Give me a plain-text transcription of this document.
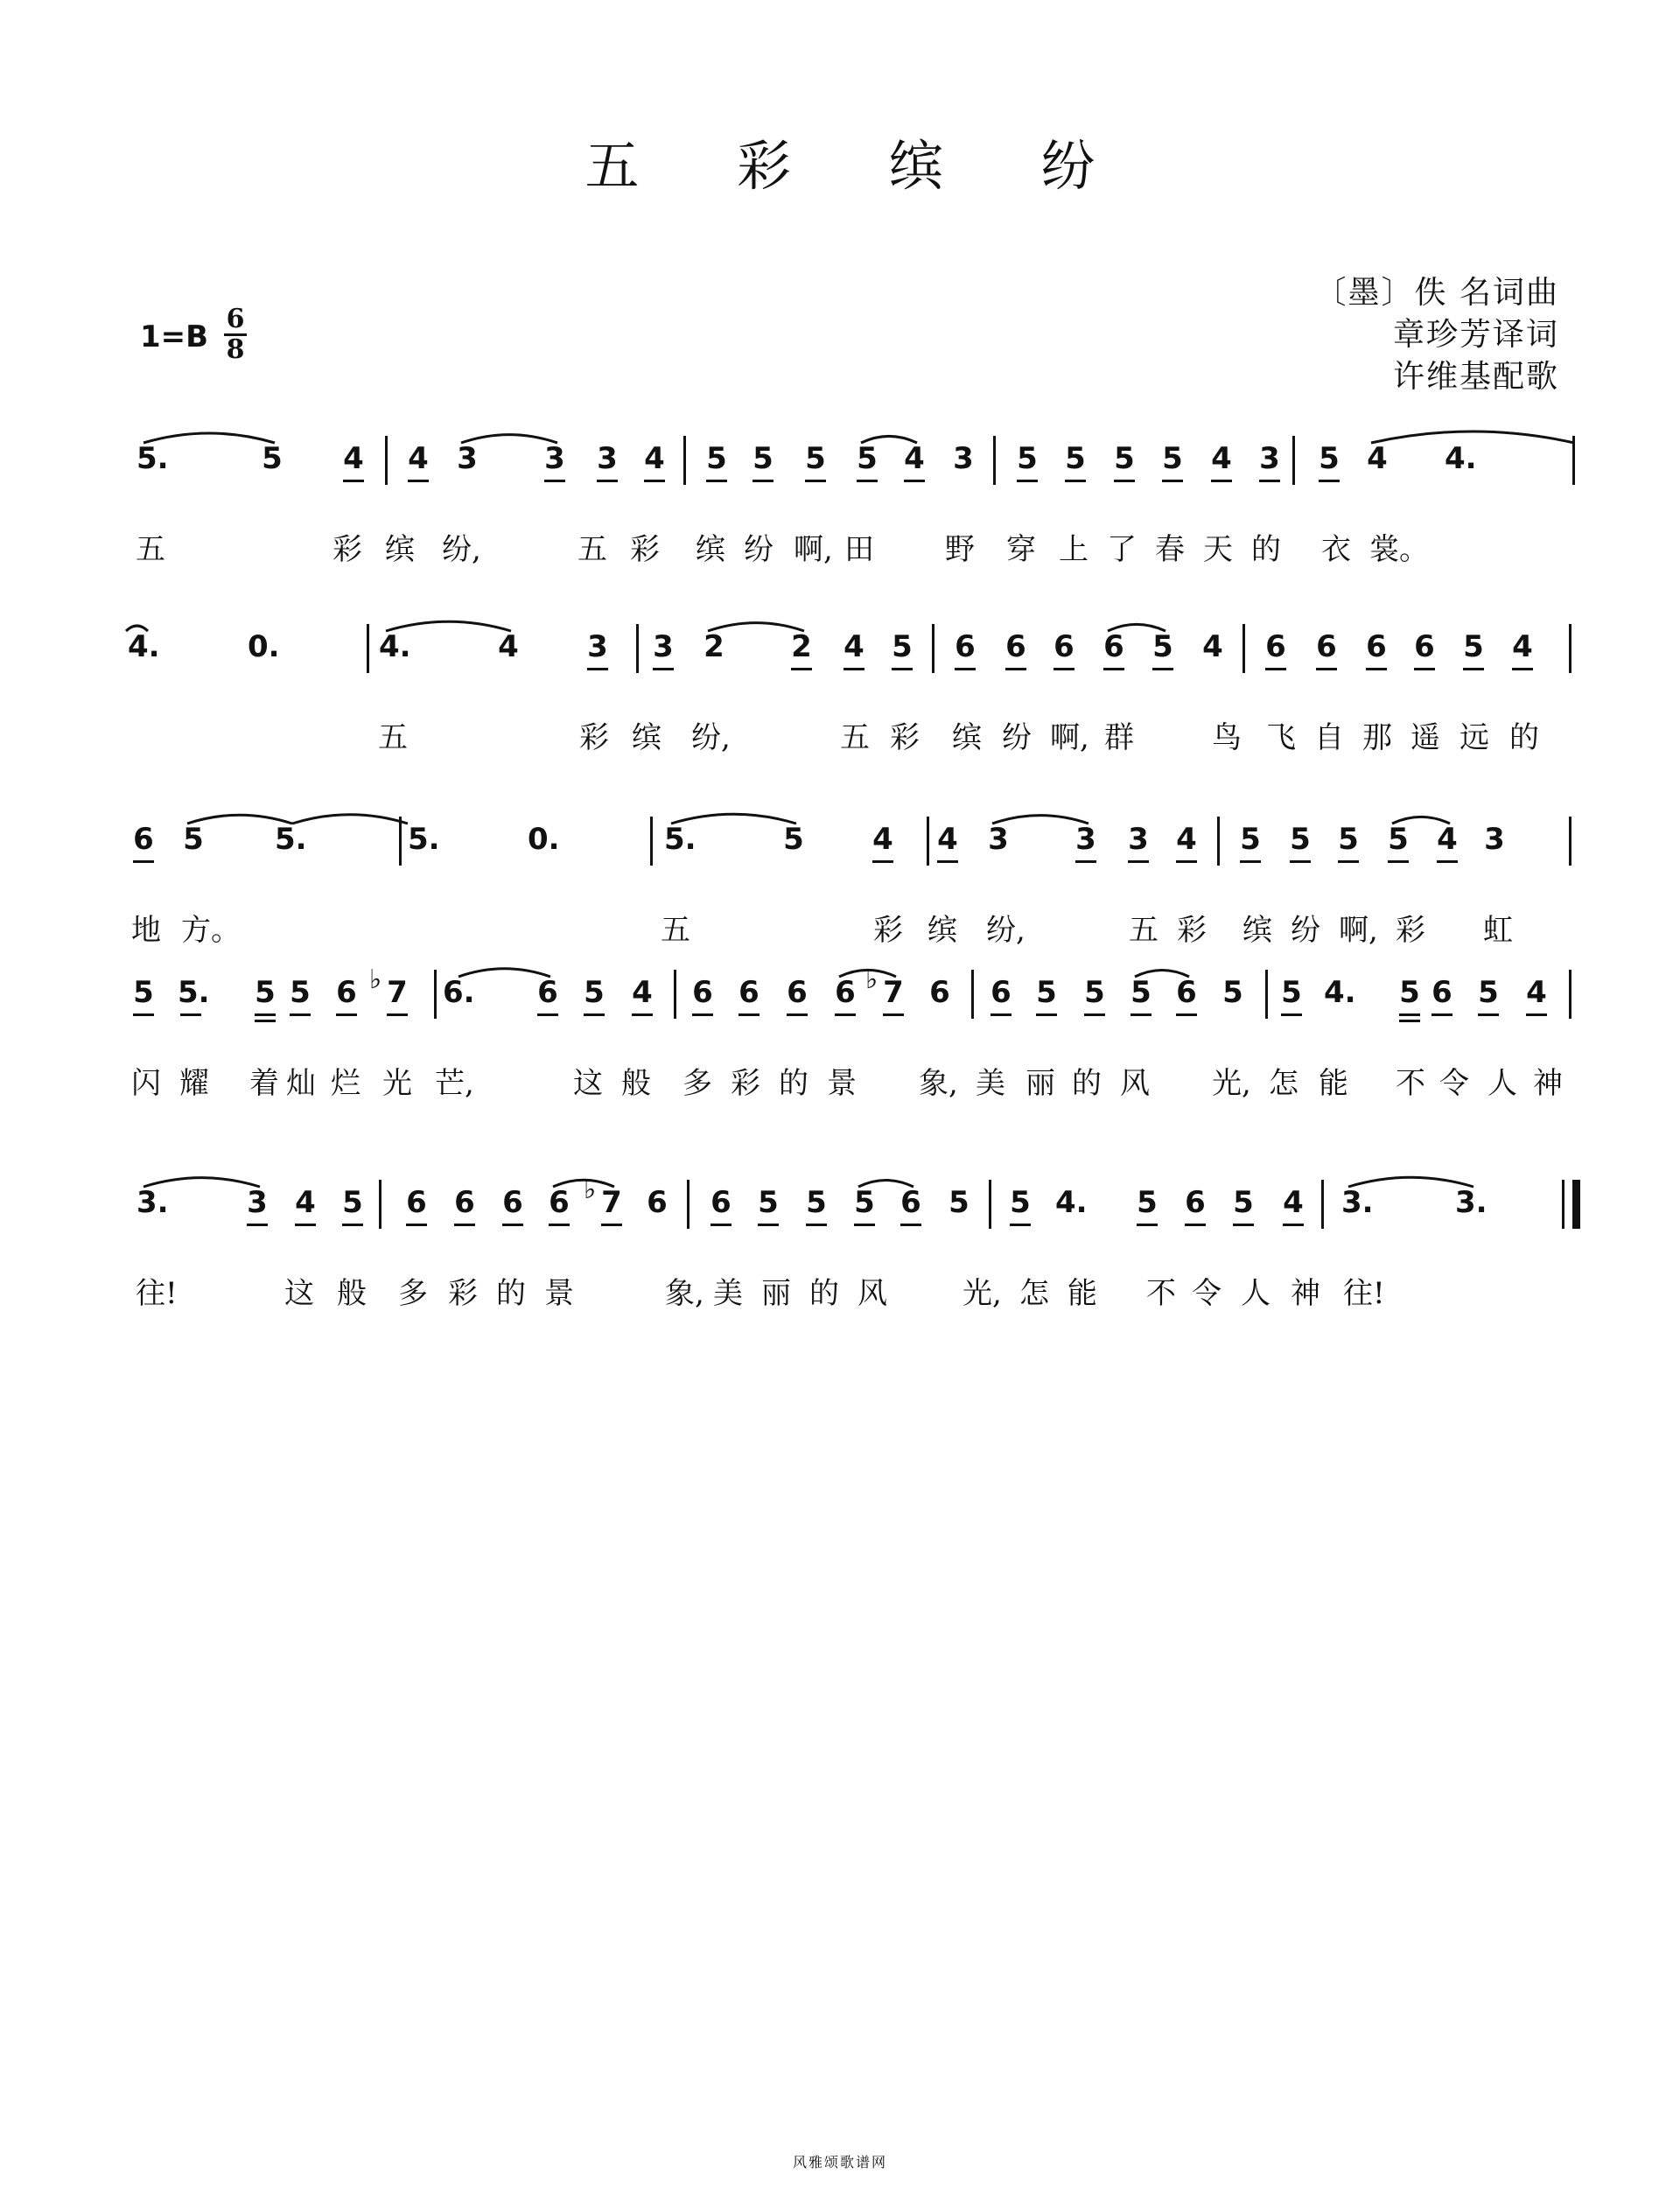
五 彩 缤 纷
〔墨〕佚 名词曲
章珍芳译词
许维基配歌
1=B
6
8
5.	5 4 4 3 3 3 4 5 5 5 5 4 3 5 5 5 5 4 3 5 4 4.
五	彩 缤 纷,	五 彩 缤 纷 啊, 田 野 穿 上 了 春 天 的 衣 裳。
4.	0.	4.	4 3 3 2 2 4 5 6 6 6 6 5 4 6 6 6 6 5 4
五	彩 缤 纷,	五 彩 缤 纷 啊, 群	鸟 飞 自 那 遥 远 的
6 5 5.	5.	0.	5.	5 4 4 3 3 3 4 5 5 5 5 4 3
地 方。	五	彩 缤 纷,	五 彩 缤 纷 啊, 彩 虹
5 5. 5 5 6 7
♭ 6. 6 5 4 6 6 6 6 7
♭ 6 6 5 5 5 6 5 5 4. 5 6 5 4
闪 耀 着 灿 烂 光 芒,	这 般 多 彩 的 景 象, 美 丽 的 风 光, 怎 能 不 令 人 神
3.	3 4 5 6 6 6 6 7
♭ 6 6 5 5 5 6 5 5 4. 5 6 5 4 3.	3.
往!	这 般 多 彩 的 景	象, 美 丽 的 风	光, 怎 能 不 令 人 神 往!
风雅颂歌谱网
